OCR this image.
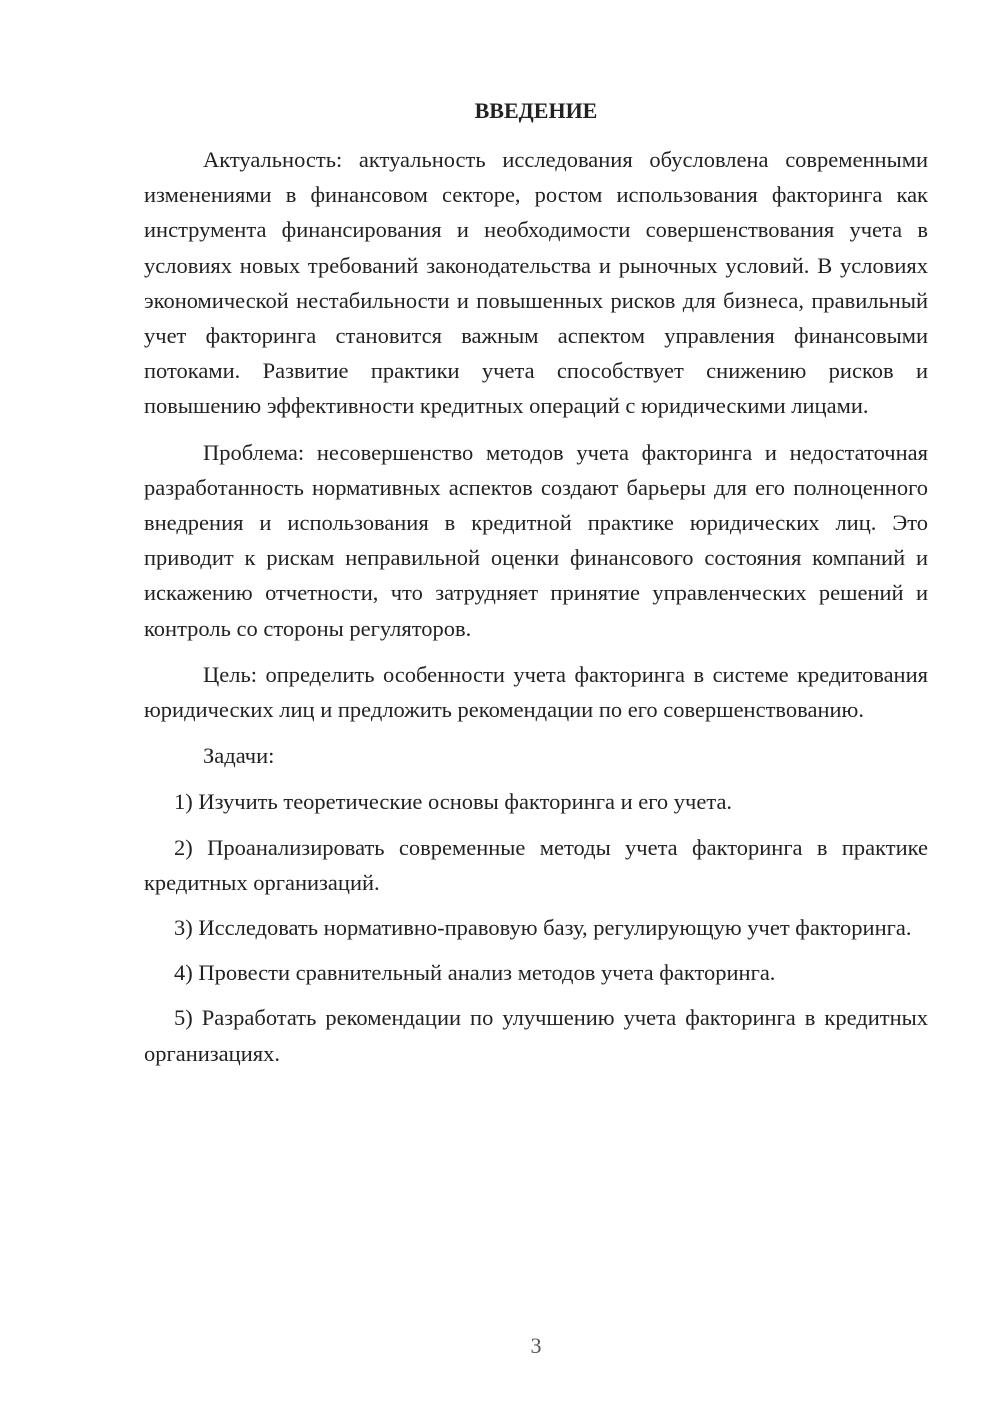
ВВЕДЕНИЕ

Актуальность: актуальность исследования обусловлена современными изменениями в финансовом секторе, ростом использования факторинга как инструмента финансирования и необходимости совершенствования учета в условиях новых требований законодательства и рыночных условий. В условиях экономической нестабильности и повышенных рисков для бизнеса, правильный учет факторинга становится важным аспектом управления финансовыми потоками. Развитие практики учета способствует снижению рисков и повышению эффективности кредитных операций с юридическими лицами.

Проблема: несовершенство методов учета факторинга и недостаточная разработанность нормативных аспектов создают барьеры для его полноценного внедрения и использования в кредитной практике юридических лиц. Это приводит к рискам неправильной оценки финансового состояния компаний и искажению отчетности, что затрудняет принятие управленческих решений и контроль со стороны регуляторов.

Цель: определить особенности учета факторинга в системе кредитования юридических лиц и предложить рекомендации по его совершенствованию.

Задачи:

1) Изучить теоретические основы факторинга и его учета.

2) Проанализировать современные методы учета факторинга в практике кредитных организаций.

3) Исследовать нормативно-правовую базу, регулирующую учет факторинга.

4) Провести сравнительный анализ методов учета факторинга.

5) Разработать рекомендации по улучшению учета факторинга в кредитных организациях.

3
